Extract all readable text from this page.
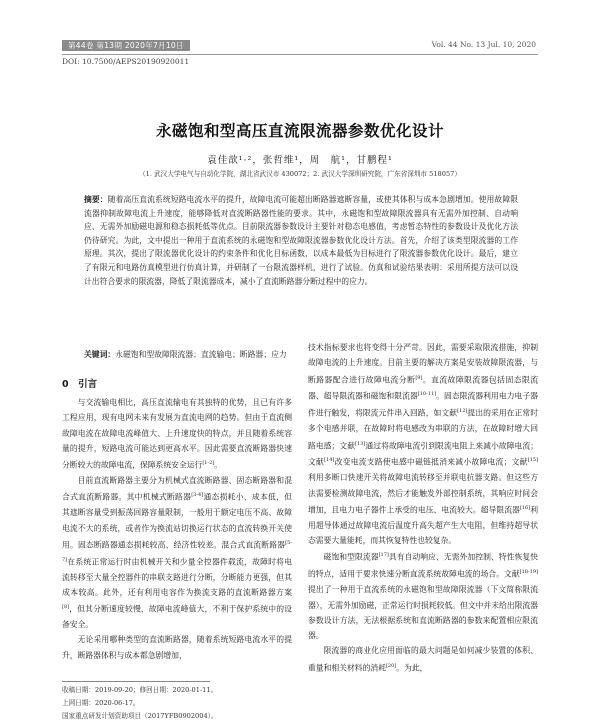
第44卷 第13期 2020年7月10日	Vol. 44 No. 13 Jul. 10, 2020
DOI: 10.7500/AEPS20190920011
永磁饱和型高压直流限流器参数优化设计
袁佳歆¹·²，张哲维¹，周　航¹，甘鹏程¹
（1. 武汉大学电气与自动化学院，湖北省武汉市 430072；2. 武汉大学深圳研究院，广东省深圳市 518057）
摘要：随着高压直流系统短路电流水平的提升，故障电流可能超出断路器遮断容量，或使其体积与成本急剧增加。使用故障限流器抑制故障电流上升速度，能够降低对直流断路器性能的要求。其中，永磁饱和型故障限流器具有无需外加控制、自动响应、无需外加励磁电源和稳态损耗低等优点。目前限流器参数设计主要针对稳态电感值，考虑暂态特性的参数设计及优化方法仍待研究。为此，文中提出一种用于直流系统的永磁饱和型故障限流器参数优化设计方法。首先，介绍了该类型限流器的工作原理。其次，提出了限流器优化设计的约束条件和优化目标函数，以成本最低为目标进行了限流器参数优化设计。最后，建立了有限元和电路仿真模型进行仿真计算，并研制了一台限流器样机，进行了试验。仿真和试验结果表明：采用所提方法可以设计出符合要求的限流器，降低了限流器成本，减小了直流断路器分断过程中的应力。
关键词：永磁饱和型故障限流器；直流输电；断路器；应力
0　引言

与交流输电相比，高压直流输电有其独特的优势，且已有许多工程应用，现有电网未来有发展为直流电网的趋势。但由于直流侧故障电流在故障电流峰值大、上升速度快的特点，并且随着系统容量的提升，短路电流可能达到更高水平。因此需要直流断路器快速分断较大的故障电流，保障系统安全运行[1-2]。

目前直流断路器主要分为机械式直流断路器、固态断路器和混合式直流断路器。其中机械式断路器[3-4]通态损耗小、成本低，但其遮断容量受到振荡回路容量限制，一般用于额定电压不高、故障电流不大的系统，或者作为换流站切换运行状态的直流转换开关使用。固态断路器通态损耗较高、经济性较差。混合式直流断路器[5-7]在系统正常运行时由机械开关和少量全控器件载流，故障时将电流转移至大量全控器件的串联支路进行分断，分断能力更强，但其成本较高。此外，还有利用电容作为换流支路的直流断路器方案[8]，但其分断速度较慢，故障电流峰值大，不利于保护系统中的设备安全。

无论采用哪种类型的直流断路器，随着系统短路电流水平的提升，断路器体积与成本都急剧增加，

技术指标要求也将变得十分严苛。因此，需要采取限流措施，抑制故障电流的上升速度。目前主要的解决方案是安装故障限流器，与断路器配合进行故障电流分断[9]。直流故障限流器包括固态限流器、超导限流器和磁饱和限流器[10-11]。固态限流器利用电力电子器件进行触发，将限流元件串入回路，如文献[12]提出的采用在正常时多个电感并联，在故障时将电感改为串联的方法，在故障时增大回路电感；文献[13]通过将故障电流引到限流电阻上来减小故障电流；文献[14]改变电流支路使电感中磁链抵消来减小故障电流；文献[15]利用多断口快速开关将故障电流转移至并联电抗器支路。但这些方法需要检测故障电流，然后才能触发外部控制系统，其响应时间会增加，且电力电子器件上承受的电压、电流较大。超导限流器[16]利用超导体通过故障电流后温度升高失超产生大电阻，但维持超导状态需要大量能耗，而其恢复特性也较复杂。

磁饱和型限流器[17]具有自动响应、无需外加控制、特性恢复快的特点，适用于要求快速分断直流系统故障电流的场合。文献[18-19]提出了一种用于直流系统的永磁饱和型故障限流器（下文简称限流器），无需外加励磁，正常运行时损耗较低。但文中并未给出限流器参数设计方法，无法根据系统和直流断路器的参数来配置相应限流器。

限流器的商业化应用面临的最大问题是如何减少装置的体积、重量和相关材料的消耗[20]。为此，

收稿日期：2019-09-20；修回日期：2020-01-11。
上网日期：2020-06-17。
国家重点研发计划资助项目（2017YFB0902004）。
